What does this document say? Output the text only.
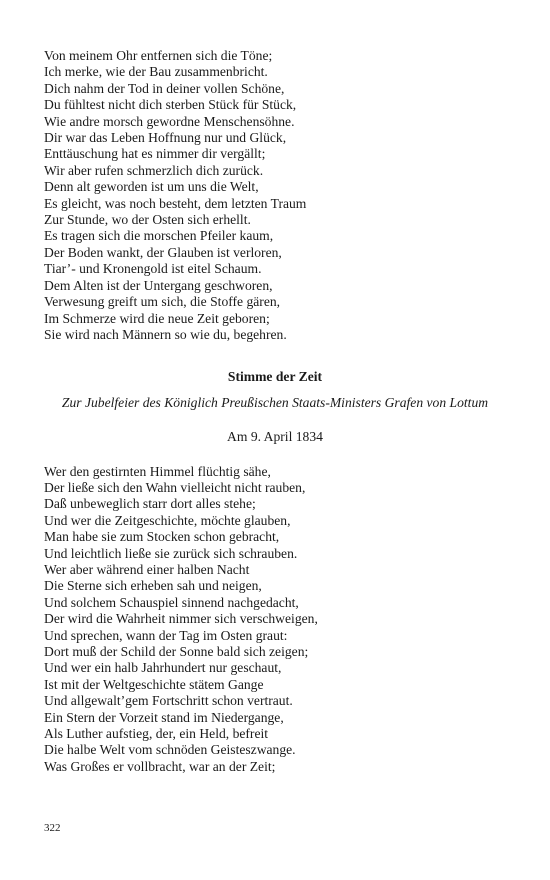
Von meinem Ohr entfernen sich die Töne;
Ich merke, wie der Bau zusammenbricht.
Dich nahm der Tod in deiner vollen Schöne,
Du fühltest nicht dich sterben Stück für Stück,
Wie andre morsch gewordne Menschensöhne.
Dir war das Leben Hoffnung nur und Glück,
Enttäuschung hat es nimmer dir vergällt;
Wir aber rufen schmerzlich dich zurück.
Denn alt geworden ist um uns die Welt,
Es gleicht, was noch besteht, dem letzten Traum
Zur Stunde, wo der Osten sich erhellt.
Es tragen sich die morschen Pfeiler kaum,
Der Boden wankt, der Glauben ist verloren,
Tiar’- und Kronengold ist eitel Schaum.
Dem Alten ist der Untergang geschworen,
Verwesung greift um sich, die Stoffe gären,
Im Schmerze wird die neue Zeit geboren;
Sie wird nach Männern so wie du, begehren.
Stimme der Zeit
Zur Jubelfeier des Königlich Preußischen Staats-Ministers Grafen von Lottum
Am 9. April 1834
Wer den gestirnten Himmel flüchtig sähe,
Der ließe sich den Wahn vielleicht nicht rauben,
Daß unbeweglich starr dort alles stehe;
Und wer die Zeitgeschichte, möchte glauben,
Man habe sie zum Stocken schon gebracht,
Und leichtlich ließe sie zurück sich schrauben.
Wer aber während einer halben Nacht
Die Sterne sich erheben sah und neigen,
Und solchem Schauspiel sinnend nachgedacht,
Der wird die Wahrheit nimmer sich verschweigen,
Und sprechen, wann der Tag im Osten graut:
Dort muß der Schild der Sonne bald sich zeigen;
Und wer ein halb Jahrhundert nur geschaut,
Ist mit der Weltgeschichte stätem Gange
Und allgewalt’gem Fortschritt schon vertraut.
Ein Stern der Vorzeit stand im Niedergange,
Als Luther aufstieg, der, ein Held, befreit
Die halbe Welt vom schnöden Geisteszwange.
Was Großes er vollbracht, war an der Zeit;
322
